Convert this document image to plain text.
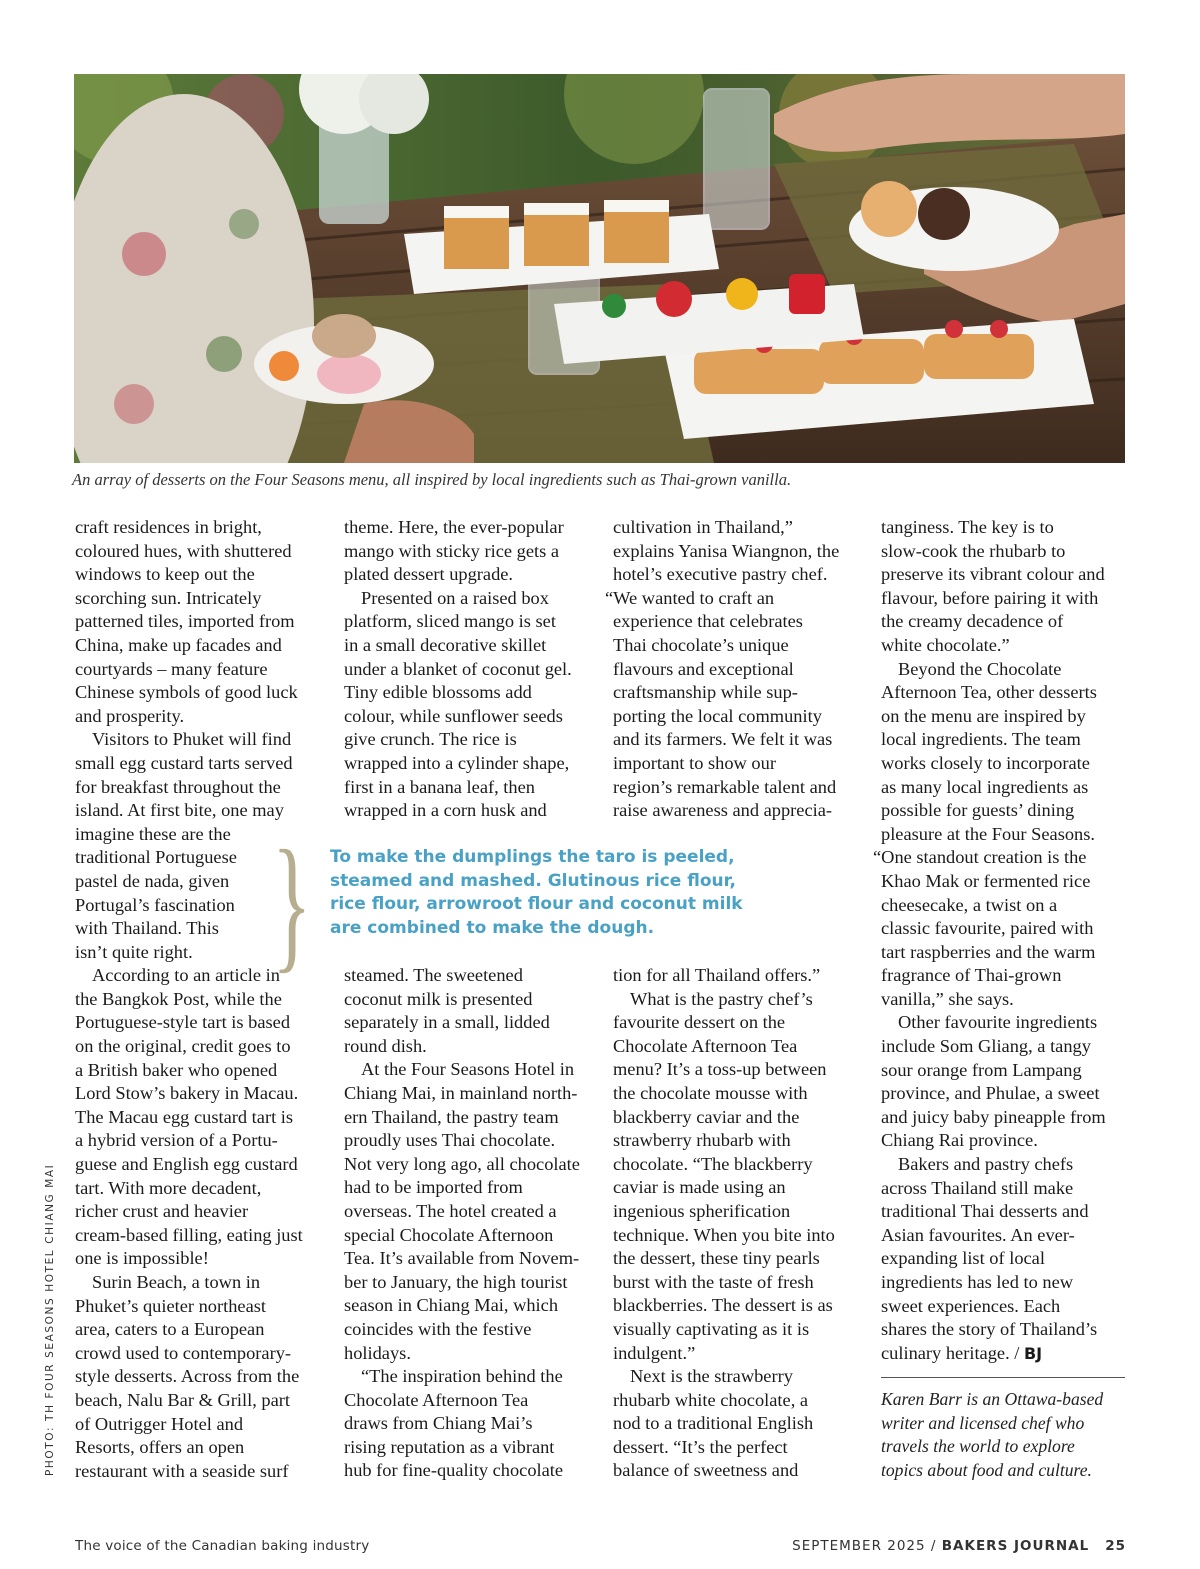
An array of desserts on the Four Seasons menu, all inspired by local ingredients such as Thai-grown vanilla.

craft residences in bright,
coloured hues, with shuttered
windows to keep out the
scorching sun. Intricately
patterned tiles, imported from
China, make up facades and
courtyards – many feature
Chinese symbols of good luck
and prosperity.

Visitors to Phuket will find
small egg custard tarts served
for breakfast throughout the
island. At first bite, one may
imagine these are the
traditional Portuguese
pastel de nada, given
Portugal’s fascination
with Thailand. This
isn’t quite right.

According to an article in
the Bangkok Post, while the
Portuguese-style tart is based
on the original, credit goes to
a British baker who opened
Lord Stow’s bakery in Macau.
The Macau egg custard tart is
a hybrid version of a Portu-
guese and English egg custard
tart. With more decadent,
richer crust and heavier
cream-based filling, eating just
one is impossible!

Surin Beach, a town in
Phuket’s quieter northeast
area, caters to a European
crowd used to contemporary-
style desserts. Across from the
beach, Nalu Bar & Grill, part
of Outrigger Hotel and
Resorts, offers an open
restaurant with a seaside surf

}

theme. Here, the ever-popular
mango with sticky rice gets a
plated dessert upgrade.

Presented on a raised box
platform, sliced mango is set
in a small decorative skillet
under a blanket of coconut gel.
Tiny edible blossoms add
colour, while sunflower seeds
give crunch. The rice is
wrapped into a cylinder shape,
first in a banana leaf, then
wrapped in a corn husk and

cultivation in Thailand,”
explains Yanisa Wiangnon, the
hotel’s executive pastry chef.
“We wanted to craft an
experience that celebrates
Thai chocolate’s unique
flavours and exceptional
craftsmanship while sup-
porting the local community
and its farmers. We felt it was
important to show our
region’s remarkable talent and
raise awareness and apprecia-

To make the dumplings the taro is peeled,
steamed and mashed. Glutinous rice flour,
rice flour, arrowroot flour and coconut milk
are combined to make the dough.

steamed. The sweetened
coconut milk is presented
separately in a small, lidded
round dish.

At the Four Seasons Hotel in
Chiang Mai, in mainland north-
ern Thailand, the pastry team
proudly uses Thai chocolate.
Not very long ago, all chocolate
had to be imported from
overseas. The hotel created a
special Chocolate Afternoon
Tea. It’s available from Novem-
ber to January, the high tourist
season in Chiang Mai, which
coincides with the festive
holidays.

“The inspiration behind the
Chocolate Afternoon Tea
draws from Chiang Mai’s
rising reputation as a vibrant
hub for fine-quality chocolate

tion for all Thailand offers.”

What is the pastry chef’s
favourite dessert on the
Chocolate Afternoon Tea
menu? It’s a toss-up between
the chocolate mousse with
blackberry caviar and the
strawberry rhubarb with
chocolate. “The blackberry
caviar is made using an
ingenious spherification
technique. When you bite into
the dessert, these tiny pearls
burst with the taste of fresh
blackberries. The dessert is as
visually captivating as it is
indulgent.”

Next is the strawberry
rhubarb white chocolate, a
nod to a traditional English
dessert. “It’s the perfect
balance of sweetness and

tanginess. The key is to
slow-cook the rhubarb to
preserve its vibrant colour and
flavour, before pairing it with
the creamy decadence of
white chocolate.”

Beyond the Chocolate
Afternoon Tea, other desserts
on the menu are inspired by
local ingredients. The team
works closely to incorporate
as many local ingredients as
possible for guests’ dining
pleasure at the Four Seasons.
“One standout creation is the
Khao Mak or fermented rice
cheesecake, a twist on a
classic favourite, paired with
tart raspberries and the warm
fragrance of Thai-grown
vanilla,” she says.

Other favourite ingredients
include Som Gliang, a tangy
sour orange from Lampang
province, and Phulae, a sweet
and juicy baby pineapple from
Chiang Rai province.

Bakers and pastry chefs
across Thailand still make
traditional Thai desserts and
Asian favourites. An ever-
expanding list of local
ingredients has led to new
sweet experiences. Each
shares the story of Thailand’s
culinary heritage. / BJ

Karen Barr is an Ottawa-based
writer and licensed chef who
travels the world to explore
topics about food and culture.
PHOTO: TH FOUR SEASONS HOTEL CHIANG MAI
The voice of the Canadian baking industry	SEPTEMBER 2025 / BAKERS JOURNAL 25
